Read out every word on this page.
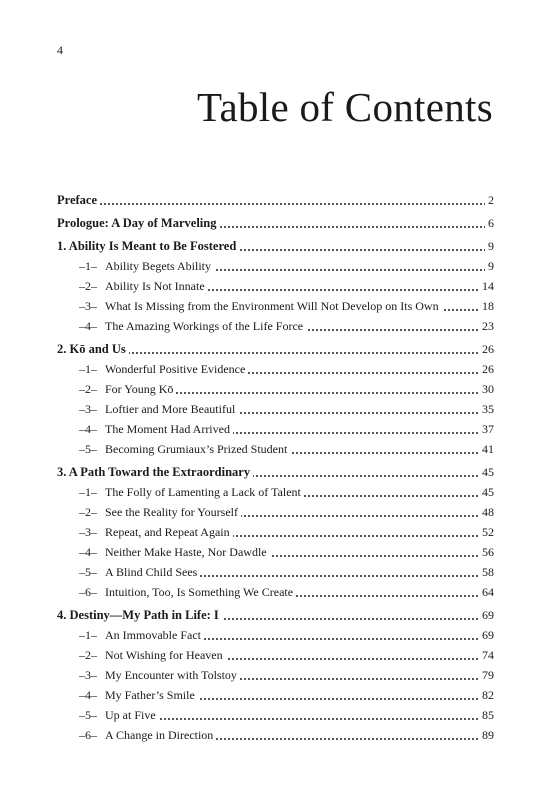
4
Table of Contents
Preface	2
Prologue: A Day of Marveling	6
1. Ability Is Meant to Be Fostered	9
–1– Ability Begets Ability	9
–2– Ability Is Not Innate	14
–3– What Is Missing from the Environment Will Not Develop on Its Own	18
–4– The Amazing Workings of the Life Force	23
2. Kō and Us	26
–1– Wonderful Positive Evidence	26
–2– For Young Kō	30
–3– Loftier and More Beautiful	35
–4– The Moment Had Arrived	37
–5– Becoming Grumiaux’s Prized Student	41
3. A Path Toward the Extraordinary	45
–1– The Folly of Lamenting a Lack of Talent	45
–2– See the Reality for Yourself	48
–3– Repeat, and Repeat Again	52
–4– Neither Make Haste, Nor Dawdle	56
–5– A Blind Child Sees	58
–6– Intuition, Too, Is Something We Create	64
4. Destiny—My Path in Life: I	69
–1– An Immovable Fact	69
–2– Not Wishing for Heaven	74
–3– My Encounter with Tolstoy	79
–4– My Father’s Smile	82
–5– Up at Five	85
–6– A Change in Direction	89
